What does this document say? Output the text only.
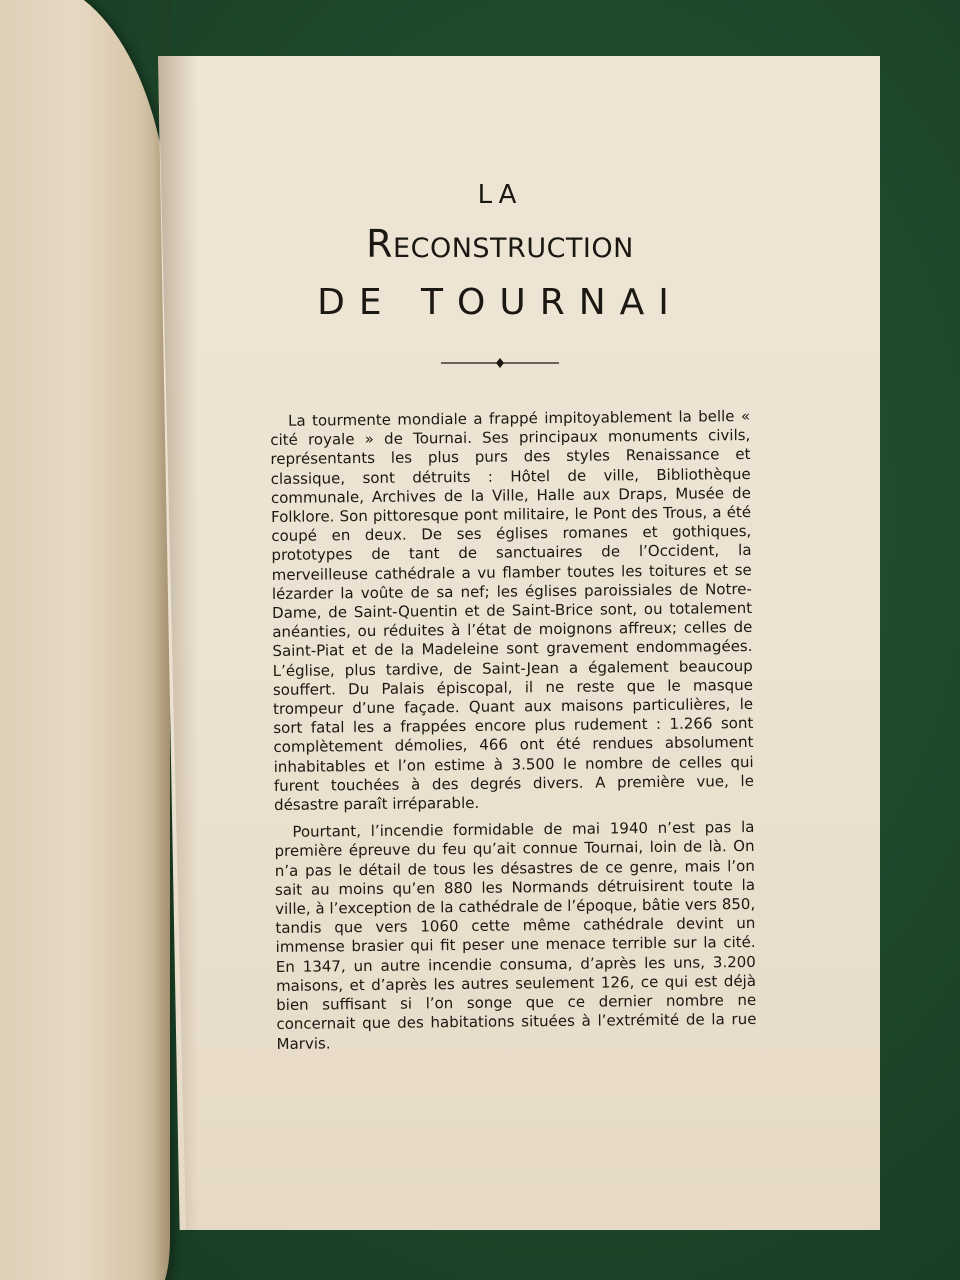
LA
Reconstruction
DE TOURNAI

La tourmente mondiale a frappé impitoyablement la belle « cité royale » de Tournai. Ses principaux monuments civils, représentants les plus purs des styles Renaissance et classique, sont détruits : Hôtel de ville, Bibliothèque communale, Archives de la Ville, Halle aux Draps, Musée de Folklore. Son pittoresque pont militaire, le Pont des Trous, a été coupé en deux. De ses églises romanes et gothiques, prototypes de tant de sanctuaires de l’Occident, la merveilleuse cathédrale a vu flamber toutes les toitures et se lézarder la voûte de sa nef; les églises paroissiales de Notre-Dame, de Saint-Quentin et de Saint-Brice sont, ou totalement anéanties, ou réduites à l’état de moignons affreux; celles de Saint-Piat et de la Madeleine sont gravement endommagées. L’église, plus tardive, de Saint-Jean a également beaucoup souffert. Du Palais épiscopal, il ne reste que le masque trompeur d’une façade. Quant aux maisons particulières, le sort fatal les a frappées encore plus rudement : 1.266 sont complètement démolies, 466 ont été rendues absolument inhabitables et l’on estime à 3.500 le nombre de celles qui furent touchées à des degrés divers. A première vue, le désastre paraît irréparable.

Pourtant, l’incendie formidable de mai 1940 n’est pas la première épreuve du feu qu’ait connue Tournai, loin de là. On n’a pas le détail de tous les désastres de ce genre, mais l’on sait au moins qu’en 880 les Normands détruisirent toute la ville, à l’exception de la cathédrale de l’époque, bâtie vers 850, tandis que vers 1060 cette même cathédrale devint un immense brasier qui fit peser une menace terrible sur la cité. En 1347, un autre incendie consuma, d’après les uns, 3.200 maisons, et d’après les autres seulement 126, ce qui est déjà bien suffisant si l’on songe que ce dernier nombre ne concernait que des habitations situées à l’extrémité de la rue Marvis.
